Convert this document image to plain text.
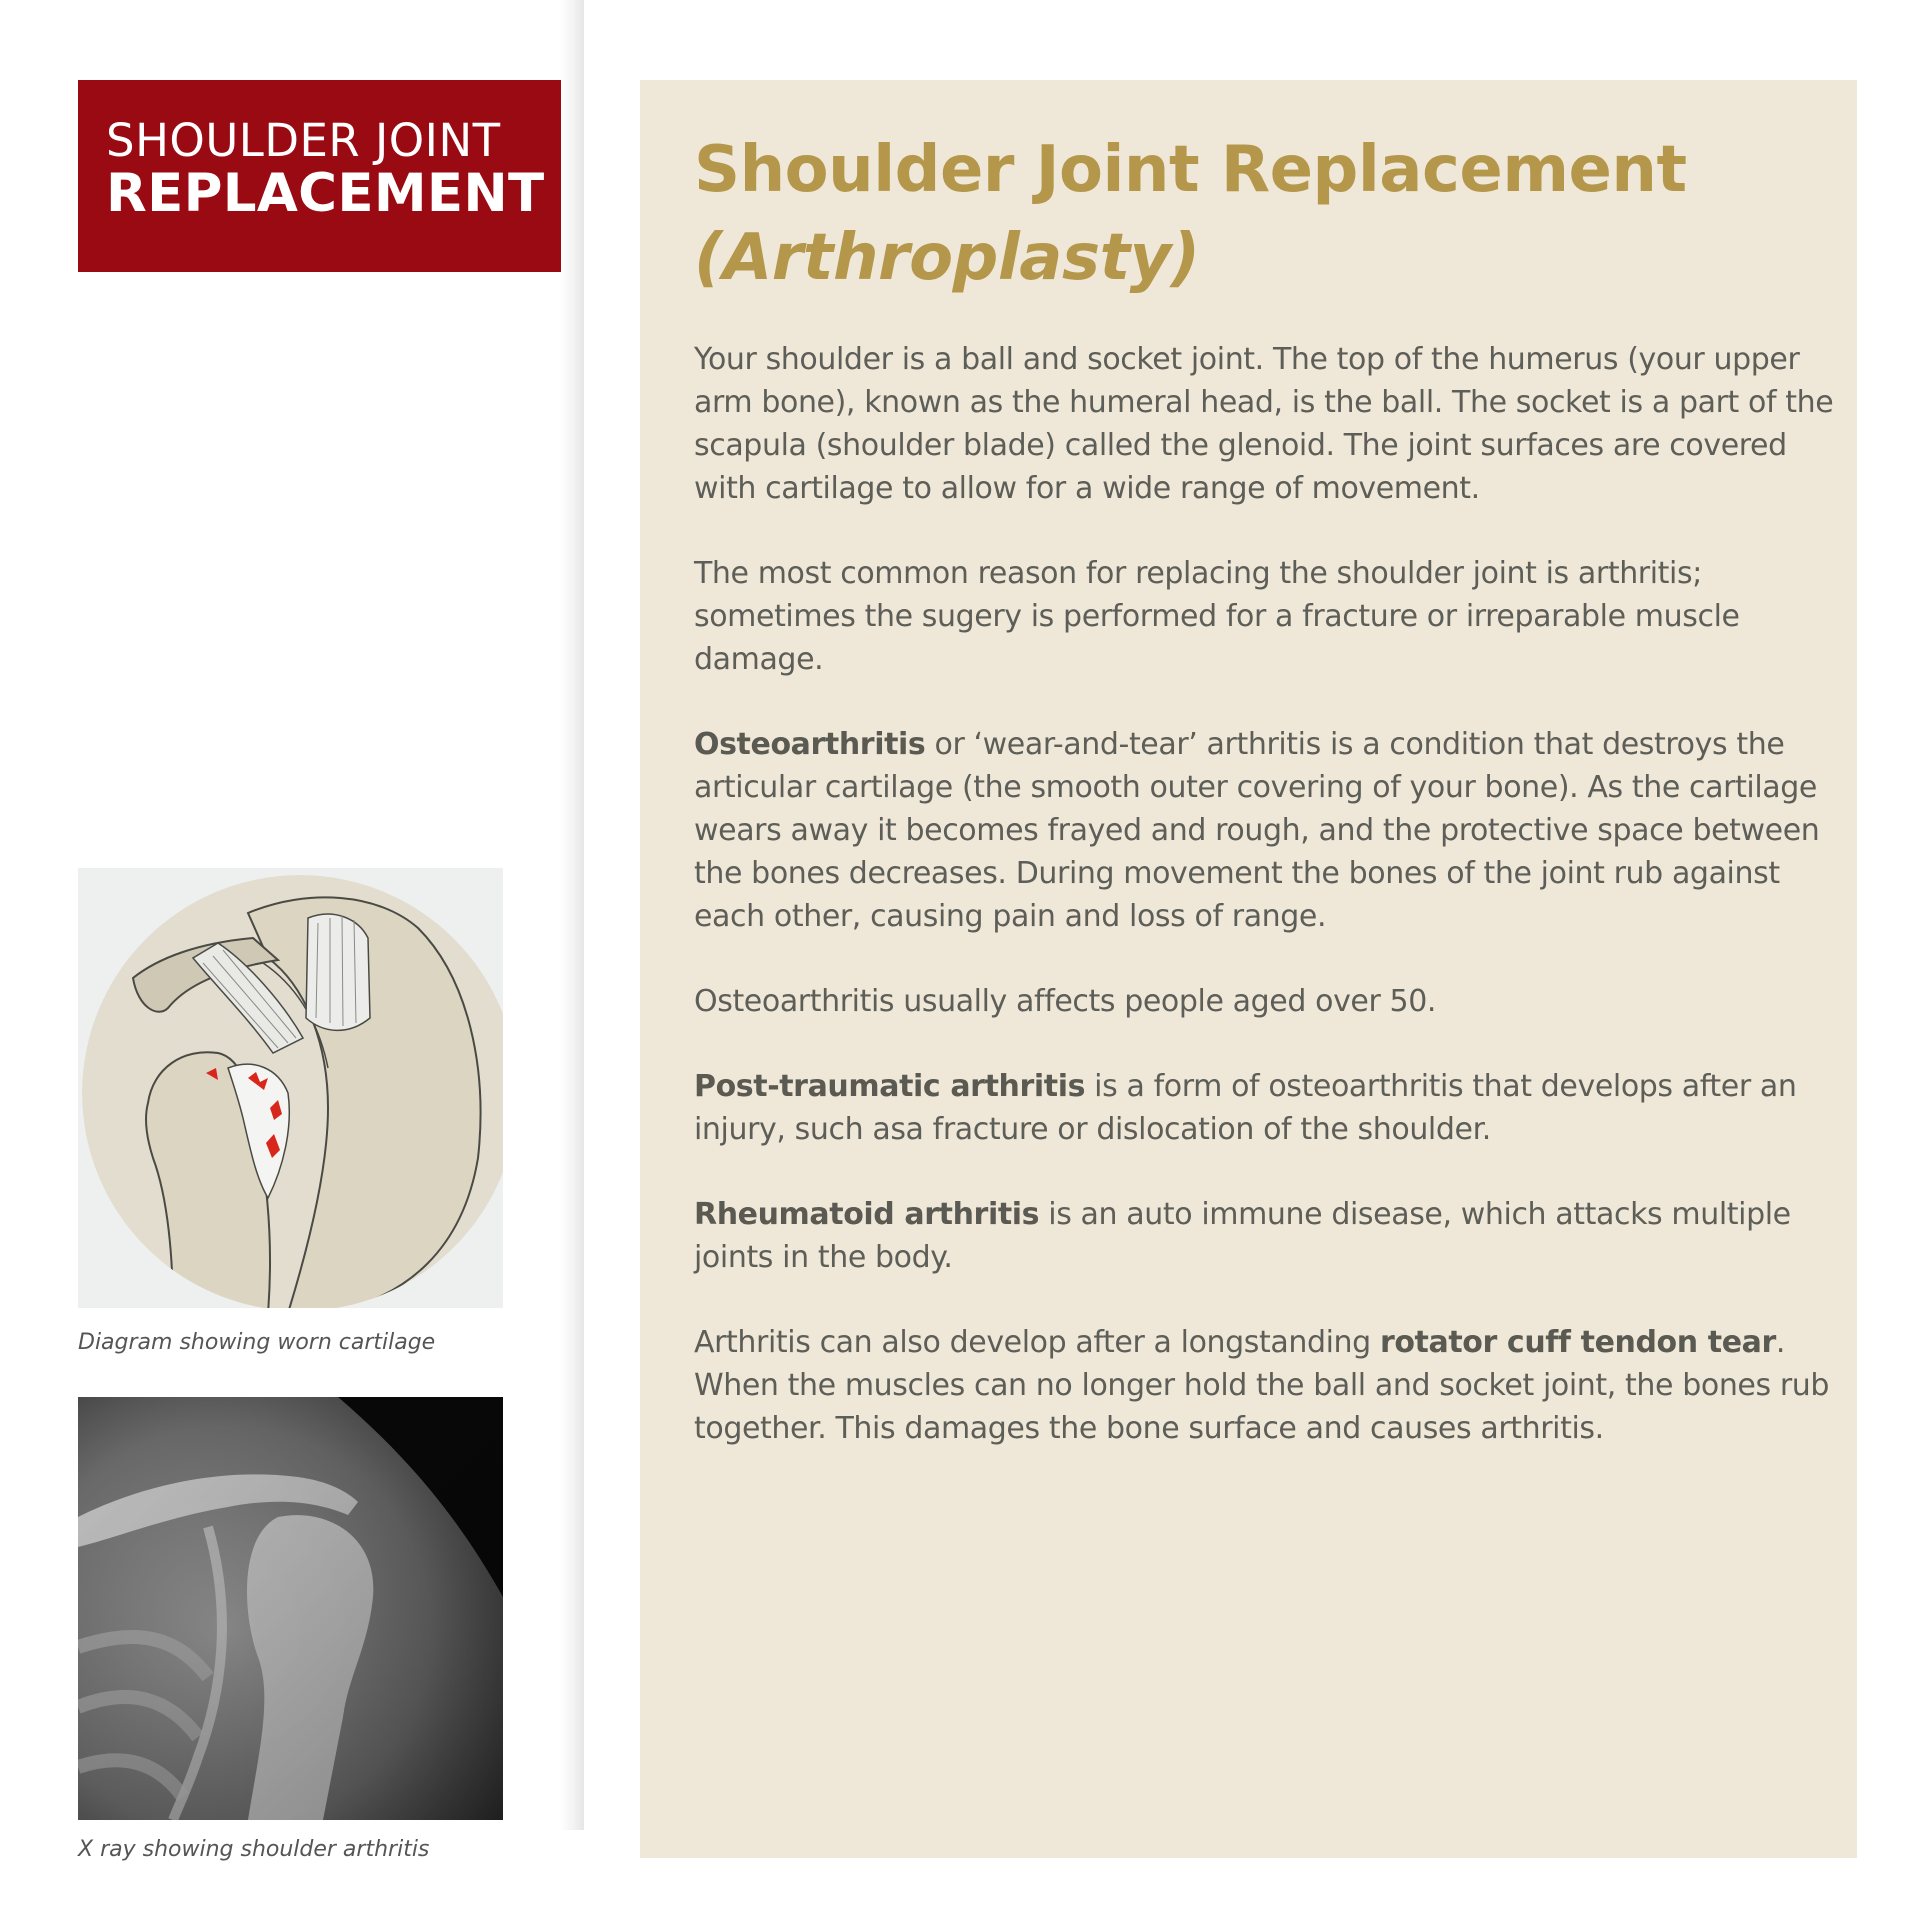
SHOULDER JOINT
REPLACEMENT
Diagram showing worn cartilage
X ray showing shoulder arthritis
Shoulder Joint Replacement
(Arthroplasty)

Your shoulder is a ball and socket joint. The top of the humerus (your upper arm bone), known as the humeral head, is the ball. The socket is a part of the scapula (shoulder blade) called the glenoid. The joint surfaces are covered with cartilage to allow for a wide range of movement.

The most common reason for replacing the shoulder joint is arthritis; sometimes the sugery is performed for a fracture or irreparable muscle damage.

Osteoarthritis or ‘wear-and-tear’ arthritis is a condition that destroys the articular cartilage (the smooth outer covering of your bone). As the cartilage wears away it becomes frayed and rough, and the protective space between the bones decreases. During movement the bones of the joint rub against each other, causing pain and loss of range.

Osteoarthritis usually affects people aged over 50.

Post-traumatic arthritis is a form of osteoarthritis that develops after an injury, such asa fracture or dislocation of the shoulder.

Rheumatoid arthritis is an auto immune disease, which attacks multiple joints in the body.

Arthritis can also develop after a longstanding rotator cuff tendon tear. When the muscles can no longer hold the ball and socket joint, the bones rub together. This damages the bone surface and causes arthritis.
